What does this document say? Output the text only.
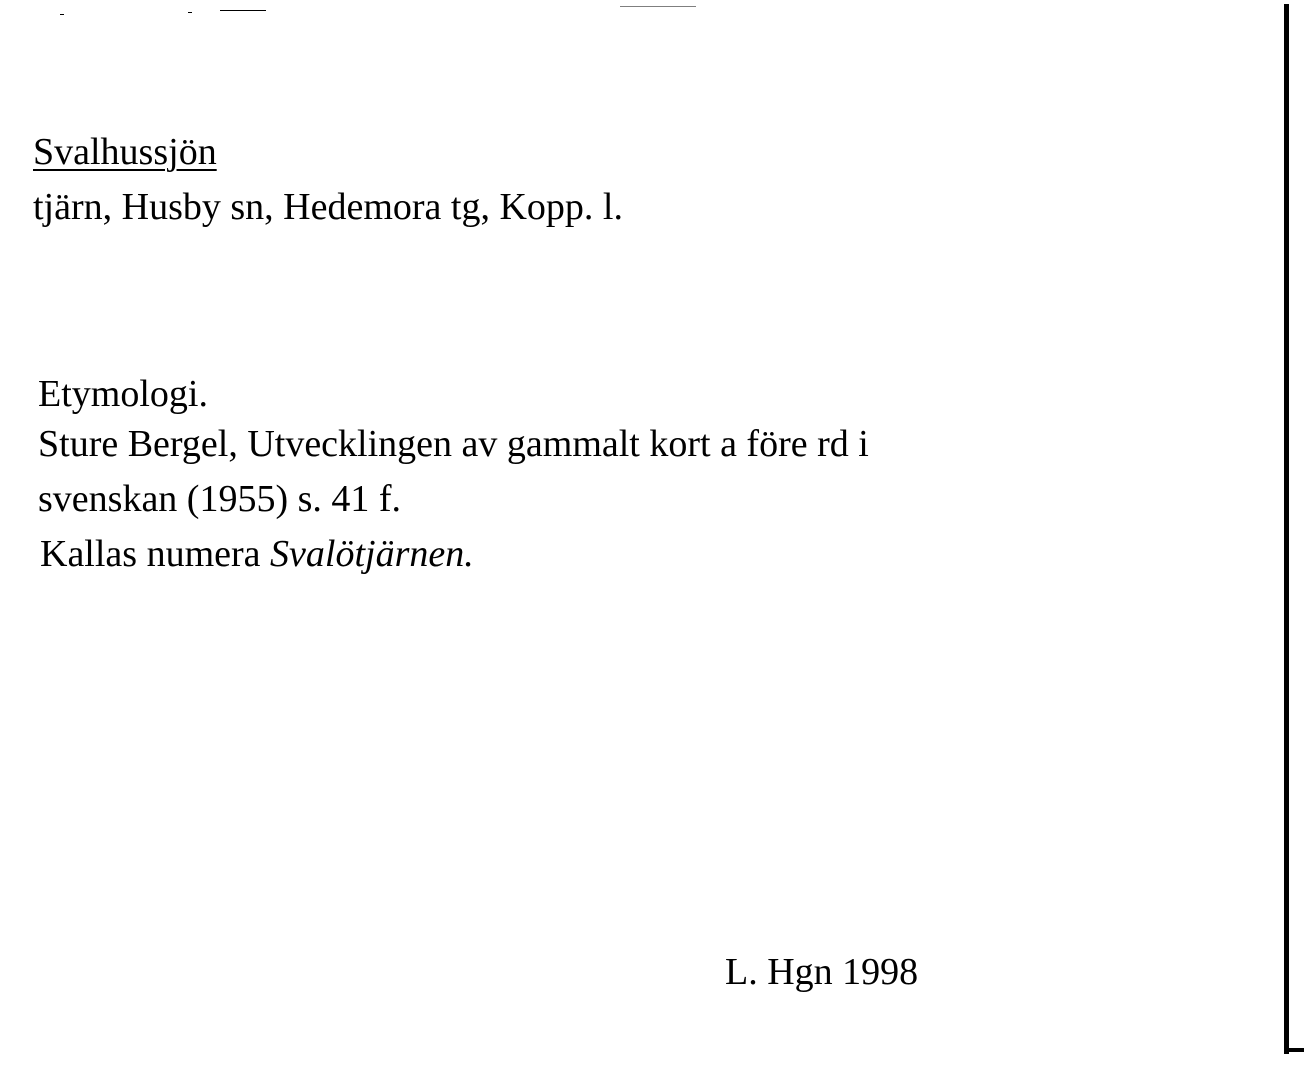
Svalhussjön
tjärn, Husby sn, Hedemora tg, Kopp. l.
Etymologi.
Sture Bergel, Utvecklingen av gammalt kort a före rd i
svenskan (1955) s. 41 f.
Kallas numera Svalötjärnen.
L. Hgn 1998
